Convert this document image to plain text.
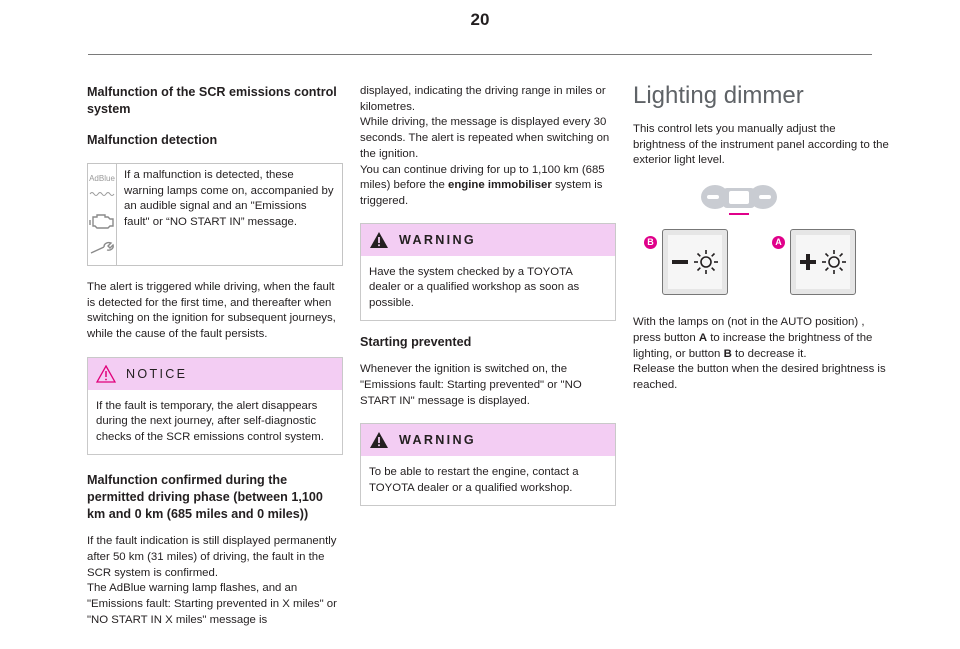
20
Malfunction of the SCR emissions control system
Malfunction detection
AdBlue If a malfunction is detected, these warning lamps come on, accompanied by an audible signal and an "Emissions fault" or “NO START IN” message.

The alert is triggered while driving, when the fault is detected for the first time, and thereafter when switching on the ignition for subsequent journeys, while the cause of the fault persists.

NOTICE

If the fault is temporary, the alert disappears during the next journey, after self-diagnostic checks of the SCR emissions control system.

Malfunction confirmed during the permitted driving phase (between 1,100 km and 0 km (685 miles and 0 miles))

If the fault indication is still displayed permanently after 50 km (31 miles) of driving, the fault in the SCR system is confirmed.

The AdBlue warning lamp flashes, and an "Emissions fault: Starting prevented in X miles" or "NO START IN X miles" message is

displayed, indicating the driving range in miles or kilometres.

While driving, the message is displayed every 30 seconds. The alert is repeated when switching on the ignition.

You can continue driving for up to 1,100 km (685 miles) before the engine immobiliser system is triggered.

WARNING

Have the system checked by a TOYOTA dealer or a qualified workshop as soon as possible.

Starting prevented

Whenever the ignition is switched on, the "Emissions fault: Starting prevented" or "NO START IN" message is displayed.

WARNING

To be able to restart the engine, contact a TOYOTA dealer or a qualified workshop.

Lighting dimmer

This control lets you manually adjust the brightness of the instrument panel according to the exterior light level.

B	A

With the lamps on (not in the AUTO position) , press button A to increase the brightness of the lighting, or button B to decrease it.

Release the button when the desired brightness is reached.
